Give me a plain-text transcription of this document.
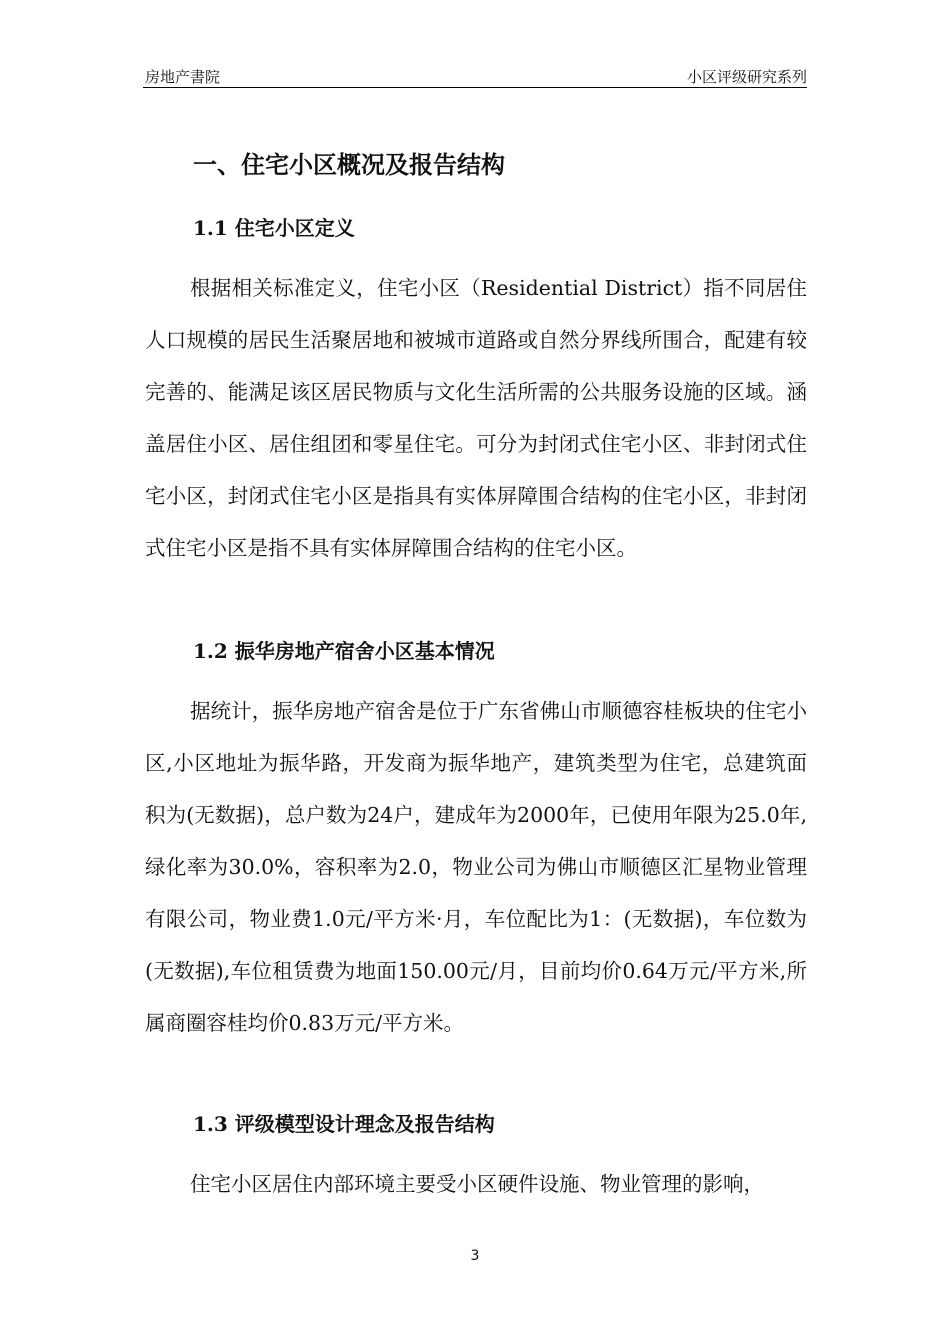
房地产書院	小区评级研究系列
一、住宅小区概况及报告结构
1.1 住宅小区定义

根据相关标准定义，住宅小区（Residential District）指不同居住人口规模的居民生活聚居地和被城市道路或自然分界线所围合，配建有较完善的、能满足该区居民物质与文化生活所需的公共服务设施的区域。涵盖居住小区、居住组团和零星住宅。可分为封闭式住宅小区、非封闭式住宅小区，封闭式住宅小区是指具有实体屏障围合结构的住宅小区，非封闭式住宅小区是指不具有实体屏障围合结构的住宅小区。

1.2 振华房地产宿舍小区基本情况

据统计，振华房地产宿舍是位于广东省佛山市顺德容桂板块的住宅小区,小区地址为振华路，开发商为振华地产，建筑类型为住宅，总建筑面积为(无数据)，总户数为24户，建成年为2000年，已使用年限为25.0年,绿化率为30.0%，容积率为2.0，物业公司为佛山市顺德区汇星物业管理有限公司，物业费1.0元/平方米·月，车位配比为1：(无数据)，车位数为(无数据),车位租赁费为地面150.00元/月，目前均价0.64万元/平方米,所属商圈容桂均价0.83万元/平方米。

1.3 评级模型设计理念及报告结构

住宅小区居住内部环境主要受小区硬件设施、物业管理的影响，

3
